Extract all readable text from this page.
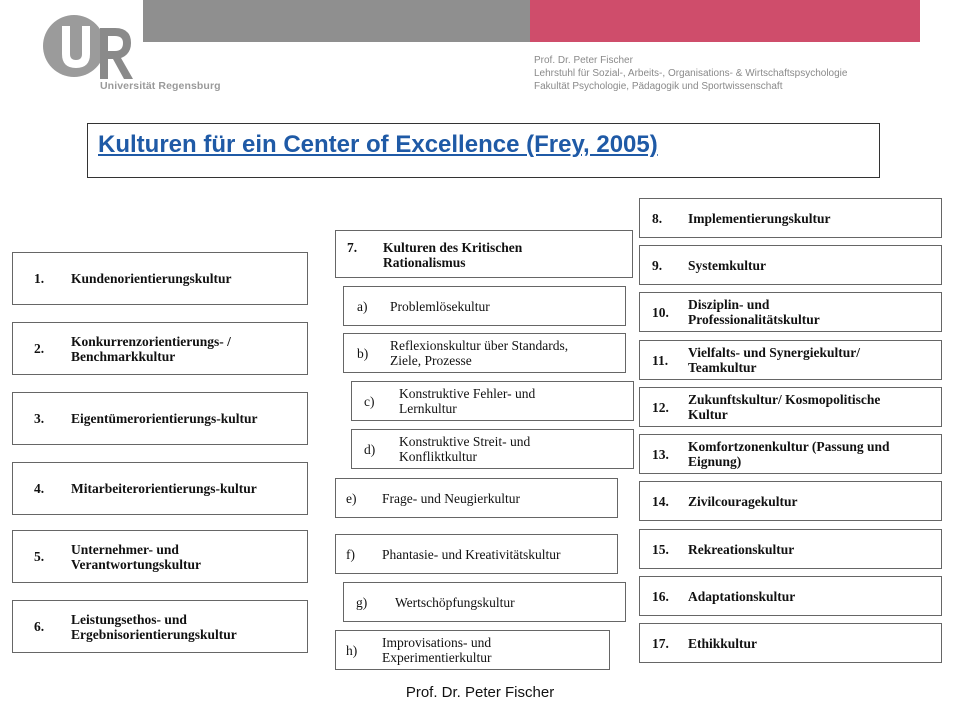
Universität Regensburg
Prof. Dr. Peter Fischer
Lehrstuhl für Sozial-, Arbeits-, Organisations- & Wirtschaftspsychologie
Fakultät Psychologie, Pädagogik und Sportwissenschaft
Kulturen für ein Center of Excellence (Frey, 2005)
1.	Kundenorientierungskultur
2.	Konkurrenzorientierungs- / Benchmarkkultur
3.	Eigentümerorientierungs-kultur
4.	Mitarbeiterorientierungs-kultur
5.	Unternehmer- und Verantwortungskultur
6.	Leistungsethos- und Ergebnisorientierungskultur
7.	Kulturen des Kritischen Rationalismus
a)	Problemlösekultur
b)	Reflexionskultur über Standards, Ziele, Prozesse
c)	Konstruktive Fehler- und Lernkultur
d)	Konstruktive Streit- und Konfliktkultur
e)	Frage- und Neugierkultur
f)	Phantasie- und Kreativitätskultur
g)	Wertschöpfungskultur
h)	Improvisations- und Experimentierkultur
8.	Implementierungskultur
9.	Systemkultur
10.	Disziplin- und Professionalitätskultur
11.	Vielfalts- und Synergiekultur/ Teamkultur
12.	Zukunftskultur/ Kosmopolitische Kultur
13.	Komfortzonenkultur (Passung und Eignung)
14.	Zivilcouragekultur
15.	Rekreationskultur
16.	Adaptationskultur
17.	Ethikkultur
Prof. Dr. Peter Fischer
